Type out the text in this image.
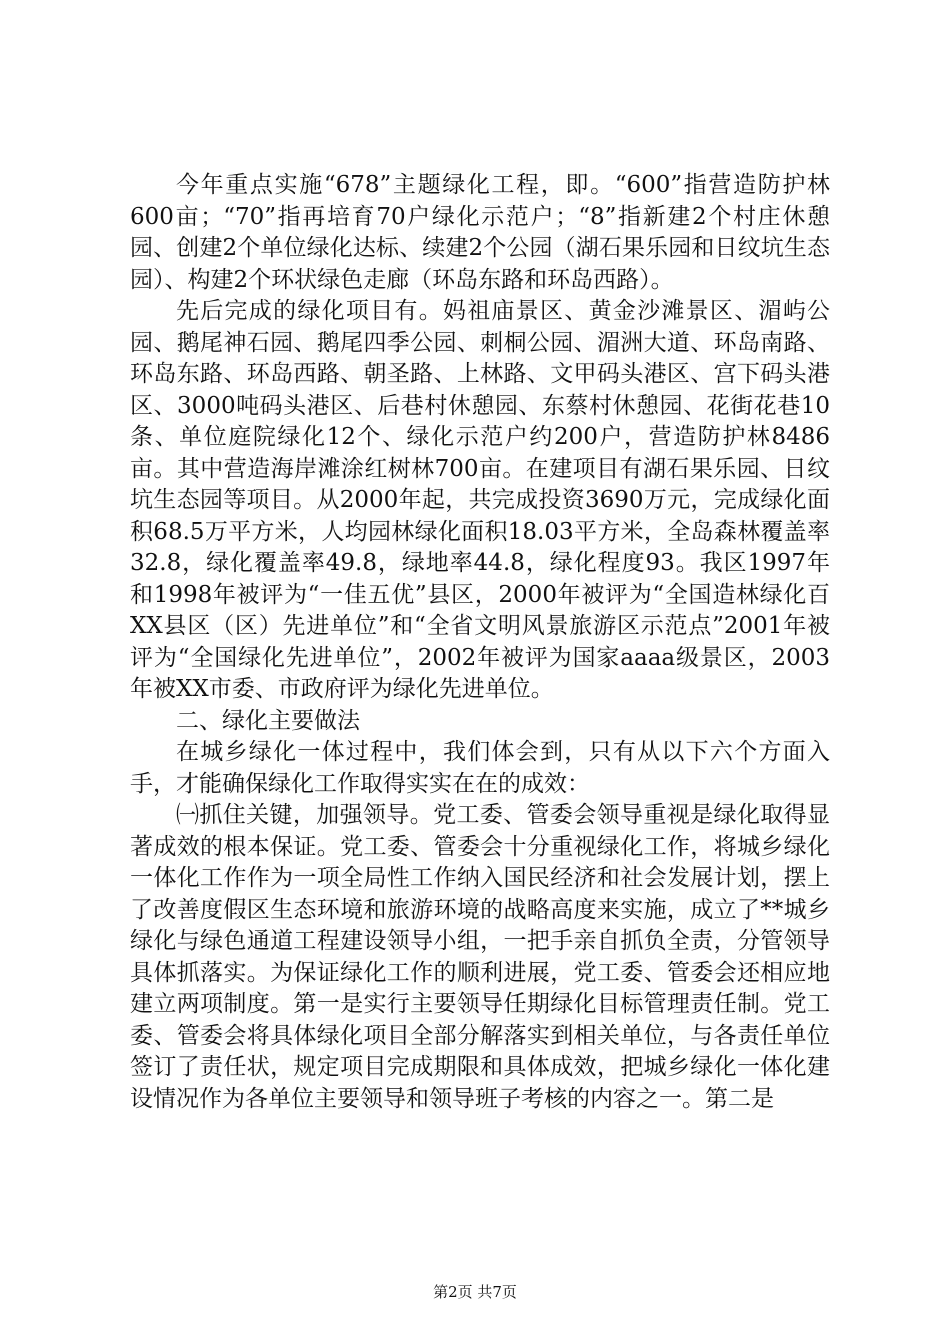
今年重点实施“678”主题绿化工程，即。“600”指营造防护林600亩；“70”指再培育70户绿化示范户；“8”指新建2个村庄休憩园、创建2个单位绿化达标、续建2个公园（湖石果乐园和日纹坑生态园）、构建2个环状绿色走廊（环岛东路和环岛西路）。

先后完成的绿化项目有。妈祖庙景区、黄金沙滩景区、湄屿公园、鹅尾神石园、鹅尾四季公园、刺桐公园、湄洲大道、环岛南路、环岛东路、环岛西路、朝圣路、上林路、文甲码头港区、宫下码头港区、3000吨码头港区、后巷村休憩园、东蔡村休憩园、花街花巷10条、单位庭院绿化12个、绿化示范户约200户，营造防护林8486亩。其中营造海岸滩涂红树林700亩。在建项目有湖石果乐园、日纹坑生态园等项目。从2000年起，共完成投资3690万元，完成绿化面积68.5万平方米，人均园林绿化面积18.03平方米，全岛森林覆盖率32.8，绿化覆盖率49.8，绿地率44.8，绿化程度93。我区1997年和1998年被评为“一佳五优”县区，2000年被评为“全国造林绿化百XX县区（区）先进单位”和“全省文明风景旅游区示范点”2001年被评为“全国绿化先进单位”，2002年被评为国家aaaa级景区，2003年被XX市委、市政府评为绿化先进单位。

二、绿化主要做法

在城乡绿化一体过程中，我们体会到，只有从以下六个方面入手，才能确保绿化工作取得实实在在的成效：

㈠抓住关键，加强领导。党工委、管委会领导重视是绿化取得显著成效的根本保证。党工委、管委会十分重视绿化工作，将城乡绿化一体化工作作为一项全局性工作纳入国民经济和社会发展计划，摆上了改善度假区生态环境和旅游环境的战略高度来实施，成立了**城乡绿化与绿色通道工程建设领导小组，一把手亲自抓负全责，分管领导具体抓落实。为保证绿化工作的顺利进展，党工委、管委会还相应地建立两项制度。第一是实行主要领导任期绿化目标管理责任制。党工委、管委会将具体绿化项目全部分解落实到相关单位，与各责任单位签订了责任状，规定项目完成期限和具体成效，把城乡绿化一体化建设情况作为各单位主要领导和领导班子考核的内容之一。第二是

第2页 共7页
